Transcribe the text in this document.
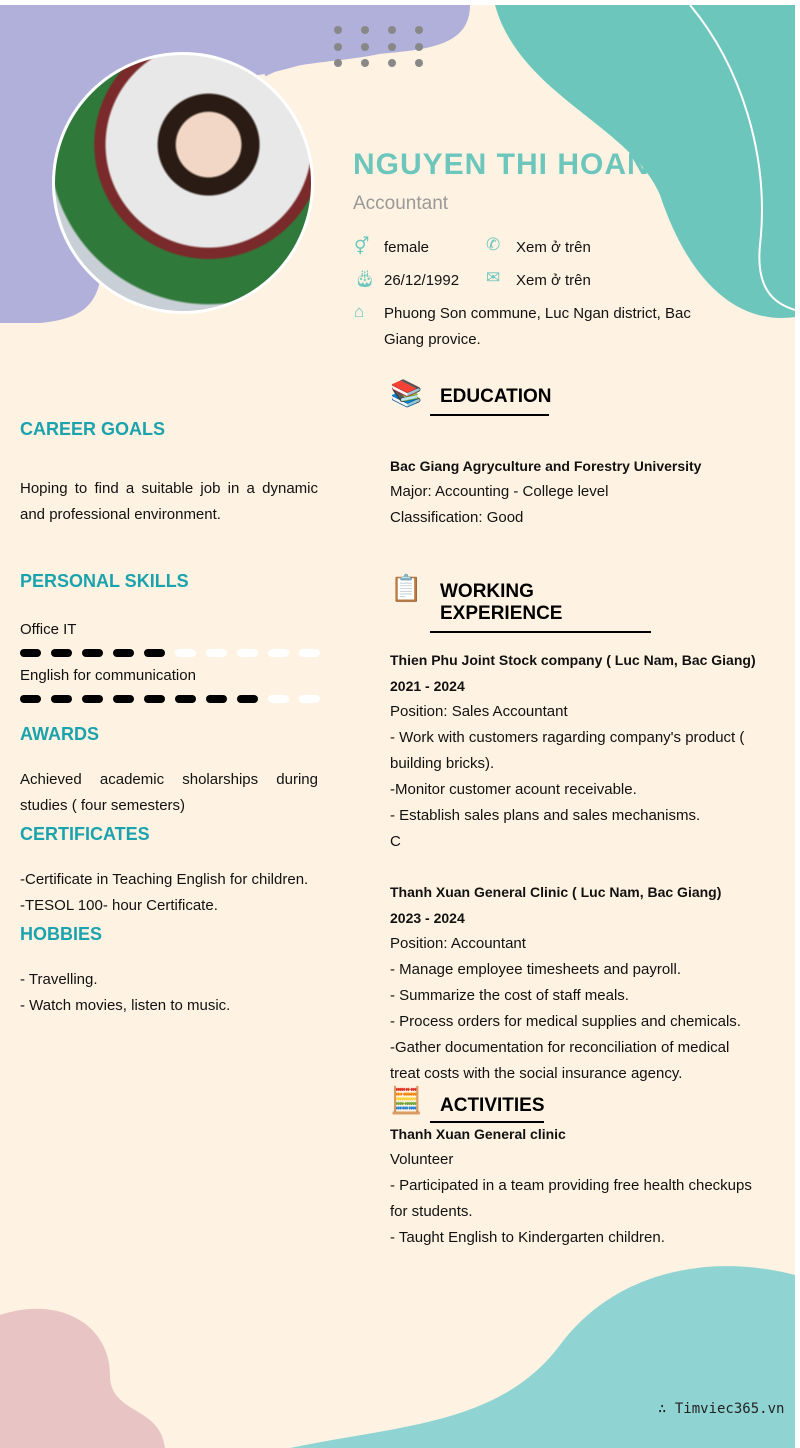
NGUYEN THI HOAN
Accountant
⚥ female	✆ Xem ở trên
🎂︎ 26/12/1992 ✉ Xem ở trên
⌂ Phuong Son commune, Luc Ngan district, Bac Giang provice.
CAREER GOALS
Hoping to find a suitable job in a dynamic and professional environment.
PERSONAL SKILLS
Office IT
English for communication
AWARDS
Achieved academic sholarships during studies ( four semesters)
CERTIFICATES
-Certificate in Teaching English for children.
-TESOL 100- hour Certificate.
HOBBIES
- Travelling.
- Watch movies, listen to music.
📚 EDUCATION
Bac Giang Agryculture and Forestry University
Major: Accounting - College level
Classification: Good
📋 WORKING EXPERIENCE
Thien Phu Joint Stock company ( Luc Nam, Bac Giang)
2021 - 2024
Position: Sales Accountant
- Work with customers ragarding company's product ( building bricks).
-Monitor customer acount receivable.
- Establish sales plans and sales mechanisms.
C
Thanh Xuan General Clinic ( Luc Nam, Bac Giang)
2023 - 2024
Position: Accountant
- Manage employee timesheets and payroll.
- Summarize the cost of staff meals.
- Process orders for medical supplies and chemicals.
-Gather documentation for reconciliation of medical treat costs with the social insurance agency.
🧮 ACTIVITIES
Thanh Xuan General clinic
Volunteer
- Participated in a team providing free health checkups for students.
- Taught English to Kindergarten children.
∴ Timviec365.vn
